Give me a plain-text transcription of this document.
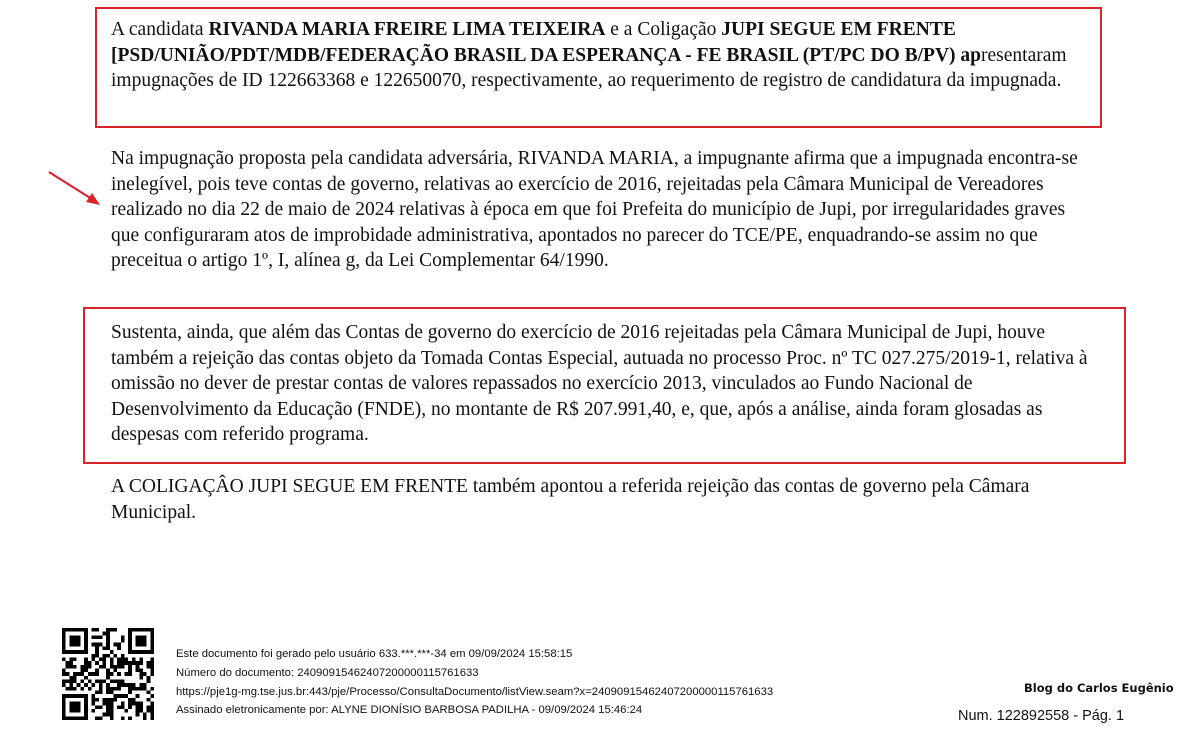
A candidata RIVANDA MARIA FREIRE LIMA TEIXEIRA e a Coligação JUPI SEGUE EM FRENTE [PSD/UNIÃO/PDT/MDB/FEDERAÇÃO BRASIL DA ESPERANÇA - FE BRASIL (PT/PC DO B/PV) apresentaram impugnações de ID 122663368 e 122650070, respectivamente, ao requerimento de registro de candidatura da impugnada.

Na impugnação proposta pela candidata adversária, RIVANDA MARIA, a impugnante afirma que a impugnada encontra-se inelegível, pois teve contas de governo, relativas ao exercício de 2016, rejeitadas pela Câmara Municipal de Vereadores realizado no dia 22 de maio de 2024 relativas à época em que foi Prefeita do município de Jupi, por irregularidades graves que configuraram atos de improbidade administrativa, apontados no parecer do TCE/PE, enquadrando-se assim no que preceitua o artigo 1º, I, alínea g, da Lei Complementar 64/1990.

Sustenta, ainda, que além das Contas de governo do exercício de 2016 rejeitadas pela Câmara Municipal de Jupi, houve também a rejeição das contas objeto da Tomada Contas Especial, autuada no processo Proc. nº TC 027.275/2019-1, relativa à omissão no dever de prestar contas de valores repassados no exercício 2013, vinculados ao Fundo Nacional de Desenvolvimento da Educação (FNDE), no montante de R$ 207.991,40, e, que, após a análise, ainda foram glosadas as despesas com referido programa.

A COLIGAÇÂO JUPI SEGUE EM FRENTE também apontou a referida rejeição das contas de governo pela Câmara Municipal.

Este documento foi gerado pelo usuário 633.***.***-34 em 09/09/2024 15:58:15
Número do documento: 24090915462407200000115761633
https://pje1g-mg.tse.jus.br:443/pje/Processo/ConsultaDocumento/listView.seam?x=24090915462407200000115761633
Assinado eletronicamente por: ALYNE DIONÍSIO BARBOSA PADILHA - 09/09/2024 15:46:24
Blog do Carlos Eugênio
Num. 122892558 - Pág. 1
